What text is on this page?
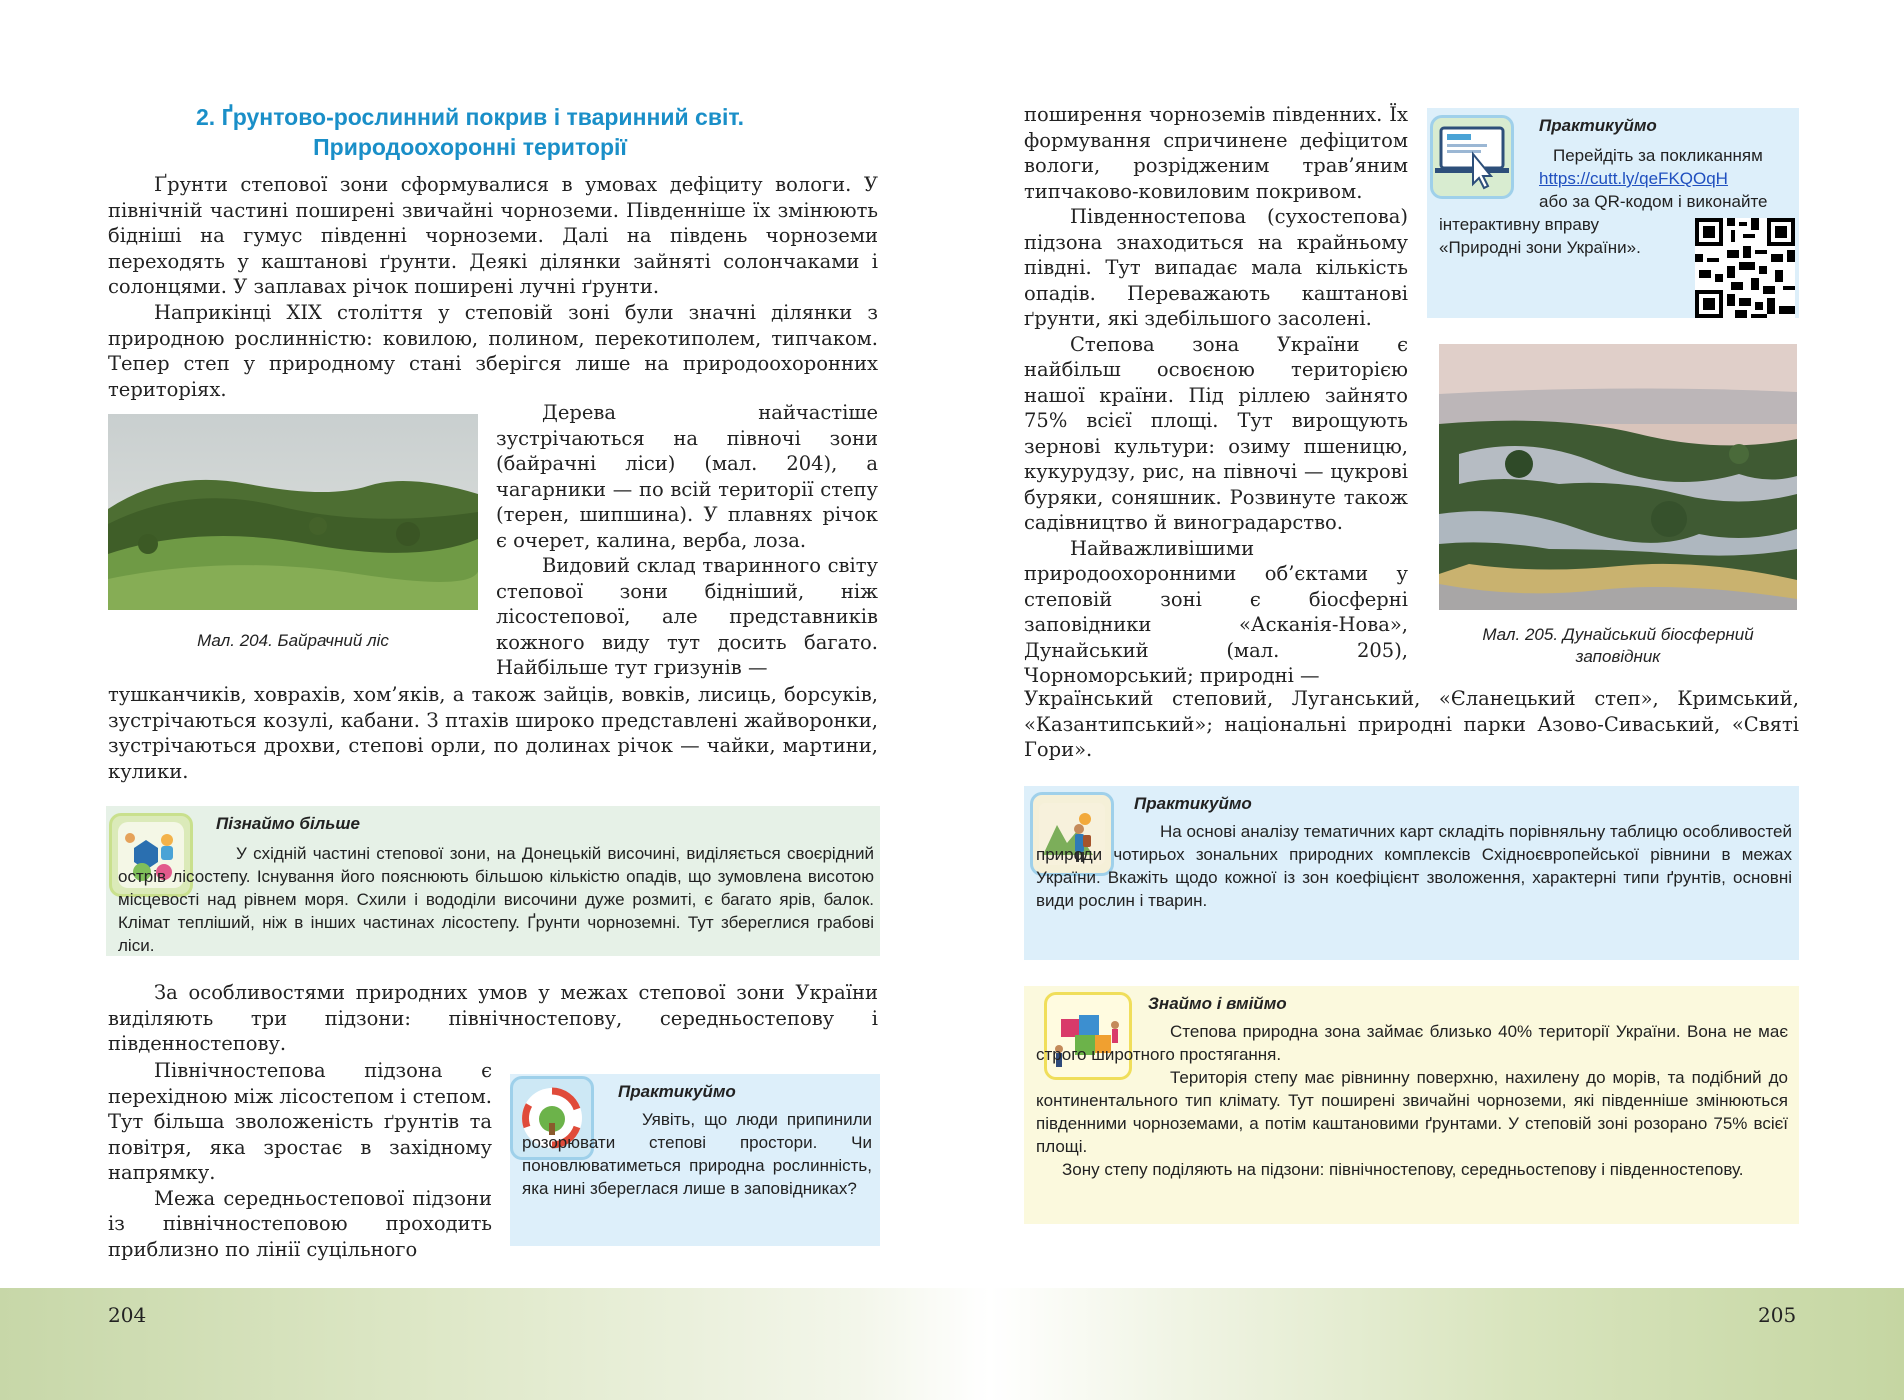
2. Ґрунтово-рослинний покрив і тваринний світ.
Природоохоронні території

Ґрунти степової зони сформувалися в умовах дефіциту вологи. У північній частині поширені звичайні чорноземи. Південніше їх змінюють бідніші на гумус південні чорноземи. Далі на південь чорноземи переходять у каштанові ґрунти. Деякі ділянки зайняті солончаками і солонцями. У заплавах річок поширені лучні ґрунти.

Наприкінці XIX століття у степовій зоні були значні ділянки з природною рослинністю: ковилою, полином, перекотиполем, типчаком. Тепер степ у природному стані зберігся лише на природоохоронних територіях.

Мал. 204. Байрачний ліс

Дерева найчастіше зустрічаються на півночі зони (байрачні ліси) (мал. 204), а чагарники — по всій території степу (терен, шипшина). У плавнях річок є очерет, калина, верба, лоза.

Видовий склад тваринного світу степової зони бідніший, ніж лісостепової, але представників кожного виду тут досить багато. Найбільше тут гризунів —

тушканчиків, ховрахів, хом’яків, а також зайців, вовків, лисиць, борсуків, зустрічаються козулі, кабани. З птахів широко представлені жайворонки, зустрічаються дрохви, степові орли, по долинах річок — чайки, мартини, кулики.

Пізнаймо більше

У східній частині степової зони, на Донецькій височині, виділяється своєрідний острів лісостепу. Існування його пояснюють більшою кількістю опадів, що зумовлена висотою місцевості над рівнем моря. Схили і вододіли височини дуже розмиті, є багато ярів, балок. Клімат тепліший, ніж в інших частинах лісостепу. Ґрунти чорноземні. Тут збереглися грабові ліси.

За особливостями природних умов у межах степової зони України виділяють три підзони: північностепову, середньостепову і південностепову.

Північностепова підзона є перехідною між лісостепом і степом. Тут більша зволоженість ґрунтів та повітря, яка зростає в західному напрямку.

Межа середньостепової підзони із північностеповою проходить приблизно по лінії суцільного

Практикуймо

Уявіть, що люди припинили розорювати степові простори. Чи поновлюватиметься природна рослинність, яка нині збереглася лише в заповідниках?

поширення чорноземів південних. Їх формування спричинене дефіцитом вологи, розрідженим трав’яним типчаково-ковиловим покривом.

Південностепова (сухостепова) підзона знаходиться на крайньому півдні. Тут випадає мала кількість опадів. Переважають каштанові ґрунти, які здебільшого засолені.

Степова зона України є найбільш освоєною територією нашої країни. Під ріллею зайнято 75% всієї площі. Тут вирощують зернові культури: озиму пшеницю, кукурудзу, рис, на півночі — цукрові буряки, соняшник. Розвинуте також садівництво й виноградарство.

Найважливішими природоохоронними об’єктами у степовій зоні є біосферні заповідники «Асканія-Нова», Дунайський (мал. 205), Чорноморський; природні —

Український степовий, Луганський, «Єланецький степ», Кримський, «Казантипський»; національні природні парки Азово-Сиваський, «Святі Гори».

Практикуймо
Перейдіть за покликанням
https://cutt.ly/qeFKQOqH
або за QR-кодом і виконайте
інтерактивну вправу «Природні зони України».
Мал. 205. Дунайський біосферний заповідник
Практикуймо

На основі аналізу тематичних карт складіть порівняльну таблицю особливостей природи чотирьох зональних природних комплексів Східноєвропейської рівнини в межах України. Вкажіть щодо кожної із зон коефіцієнт зволоження, характерні типи ґрунтів, основні види рослин і тварин.

Знаймо і вміймо

Степова природна зона займає близько 40% території України. Вона не має строго широтного простягання.

Територія степу має рівнинну поверхню, нахилену до морів, та подібний до континентального тип клімату. Тут поширені звичайні чорноземи, які південніше змінюються південними чорноземами, а потім каштановими ґрунтами. У степовій зоні розорано 75% всієї площі.

Зону степу поділяють на підзони: північностепову, середньостепову і південностепову.

204	205
